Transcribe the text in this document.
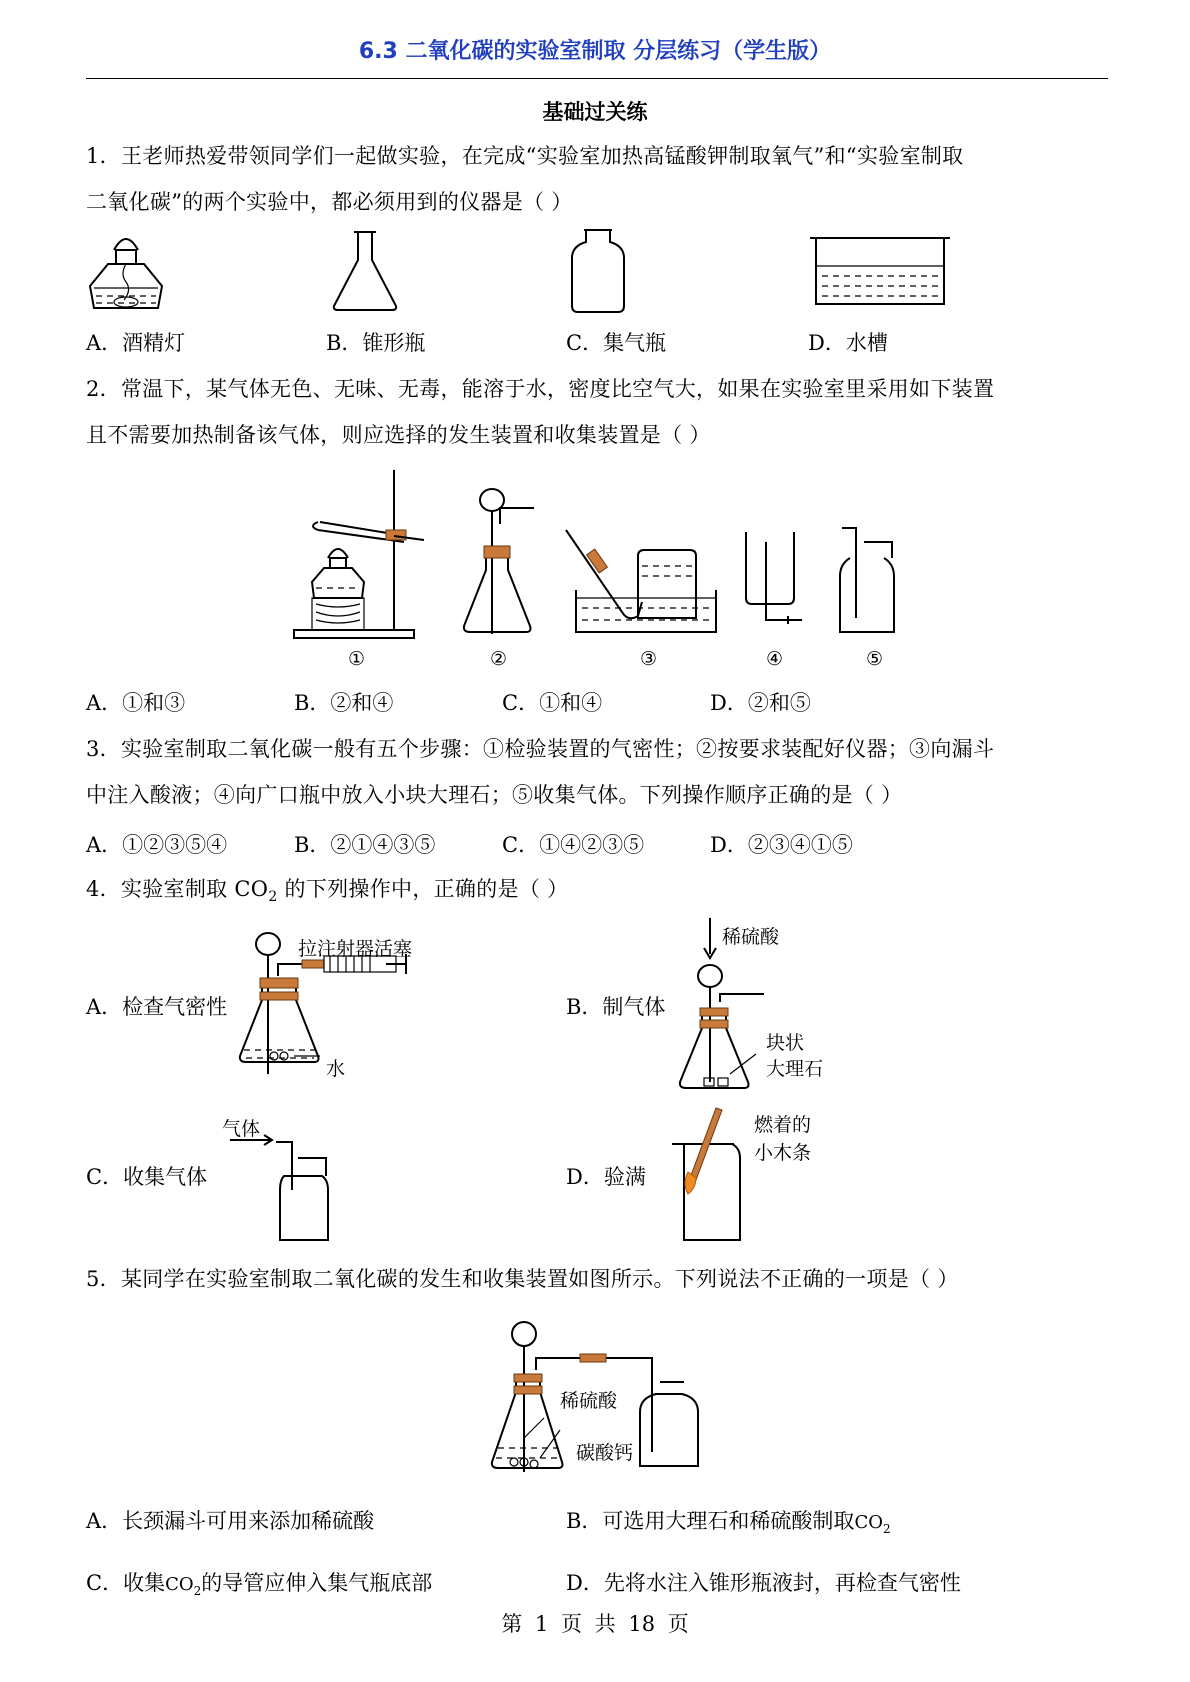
6.3 二氧化碳的实验室制取 分层练习（学生版）
基础过关练
1．王老师热爱带领同学们一起做实验，在完成“实验室加热高锰酸钾制取氧气”和“实验室制取
二氧化碳”的两个实验中，都必须用到的仪器是（ ）
A．酒精灯	B．锥形瓶	C．集气瓶	D．水槽
2．常温下，某气体无色、无味、无毒，能溶于水，密度比空气大，如果在实验室里采用如下装置
且不需要加热制备该气体，则应选择的发生装置和收集装置是（ ）
①	②	③	④	⑤
A．①和③	B．②和④	C．①和④	D．②和⑤
3．实验室制取二氧化碳一般有五个步骤：①检验装置的气密性；②按要求装配好仪器；③向漏斗
中注入酸液；④向广口瓶中放入小块大理石；⑤收集气体。下列操作顺序正确的是（ ）
A．①②③⑤④	B．②①④③⑤	C．①④②③⑤	D．②③④①⑤
4．实验室制取 $CO_2$ 的下列操作中，正确的是（ ）
拉注射器活塞
水
A．检查气密性
稀硫酸
块状
大理石
B．制气体
气体
C．收集气体
燃着的
小木条
D．验满
5．某同学在实验室制取二氧化碳的发生和收集装置如图所示。下列说法不正确的一项是（ ）
稀硫酸
碳酸钙
A．长颈漏斗可用来添加稀硫酸	B．可选用大理石和稀硫酸制取$CO_2$
C．收集$CO_2$的导管应伸入集气瓶底部	D．先将水注入锥形瓶液封，再检查气密性
第 1 页 共 18 页
